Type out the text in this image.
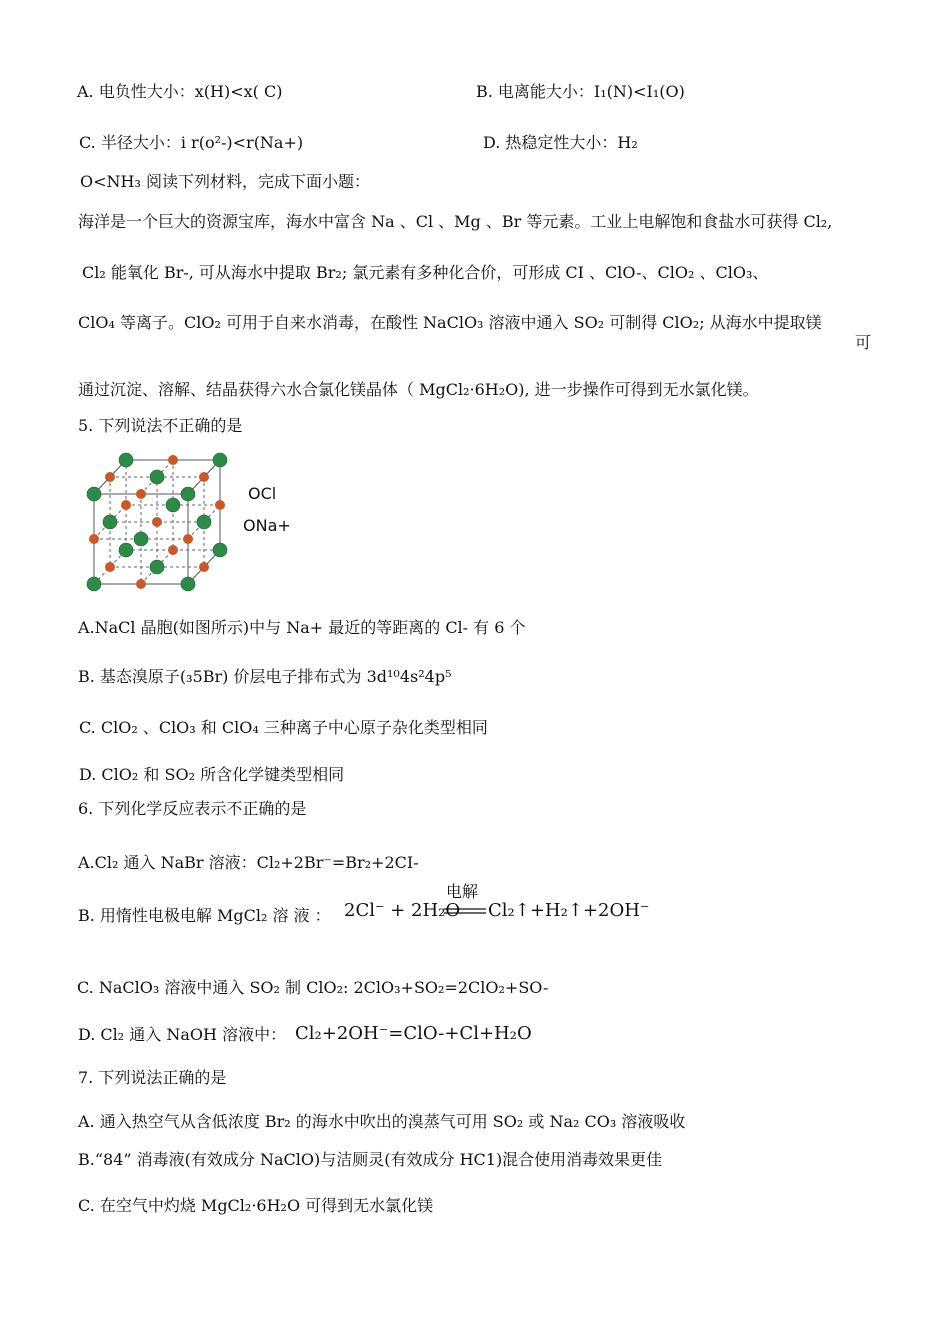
A. 电负性大小：x(H)<x( C)	B. 电离能大小：I₁(N)<I₁(O)
C. 半径大小：i r(o²-)<r(Na+)	D. 热稳定性大小：H₂
O<NH₃ 阅读下列材料，完成下面小题：
海洋是一个巨大的资源宝库，海水中富含 Na 、Cl 、Mg 、Br 等元素。工业上电解饱和食盐水可获得 Cl₂,
Cl₂ 能氧化 Br-, 可从海水中提取 Br₂; 氯元素有多种化合价，可形成 CI 、ClO-、ClO₂ 、ClO₃、
ClO₄ 等离子。ClO₂ 可用于自来水消毒，在酸性 NaClO₃ 溶液中通入 SO₂ 可制得 ClO₂; 从海水中提取镁
可
通过沉淀、溶解、结晶获得六水合氯化镁晶体（ MgCl₂·6H₂O), 进一步操作可得到无水氯化镁。
5. 下列说法不正确的是
OCl
ONa+
A.NaCl 晶胞(如图所示)中与 Na+ 最近的等距离的 Cl- 有 6 个
B. 基态溴原子(₃5Br) 价层电子排布式为 3d¹⁰4s²4p⁵
C. ClO₂ 、ClO₃ 和 ClO₄ 三种离子中心原子杂化类型相同
D. ClO₂ 和 SO₂ 所含化学键类型相同
6. 下列化学反应表示不正确的是
A.Cl₂ 通入 NaBr 溶液：Cl₂+2Br⁻=Br₂+2CI-
B. 用惰性电极电解 MgCl₂ 溶 液 ： 2Cl⁻ + 2H₂O
电解
Cl₂↑+H₂↑+2OH⁻
C. NaClO₃ 溶液中通入 SO₂ 制 ClO₂: 2ClO₃+SO₂=2ClO₂+SO-
D. Cl₂ 通入 NaOH 溶液中： Cl₂+2OH⁻=ClO-+Cl+H₂O
7. 下列说法正确的是
A. 通入热空气从含低浓度 Br₂ 的海水中吹出的溴蒸气可用 SO₂ 或 Na₂ CO₃ 溶液吸收
B.“84” 消毒液(有效成分 NaClO)与洁厕灵(有效成分 HC1)混合使用消毒效果更佳
C. 在空气中灼烧 MgCl₂·6H₂O 可得到无水氯化镁
